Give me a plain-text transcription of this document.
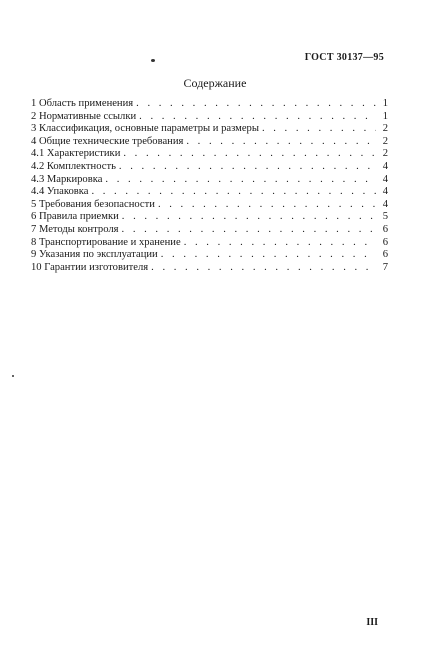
ГОСТ 30137—95
Содержание
1 Область применения . . .	1
2 Нормативные ссылки . . .	1
3 Классификация, основные параметры и размеры . . .	2
4 Общие технические требования . . .	2
4.1 Характеристики . . .	2
4.2 Комплектность . . .	4
4.3 Маркировка . . .	4
4.4 Упаковка . . .	4
5 Требования безопасности . . .	4
6 Правила приемки . . .	5
7 Методы контроля . . .	6
8 Транспортирование и хранение . . .	6
9 Указания по эксплуатации . . .	6
10 Гарантии изготовителя . . .	7
III
